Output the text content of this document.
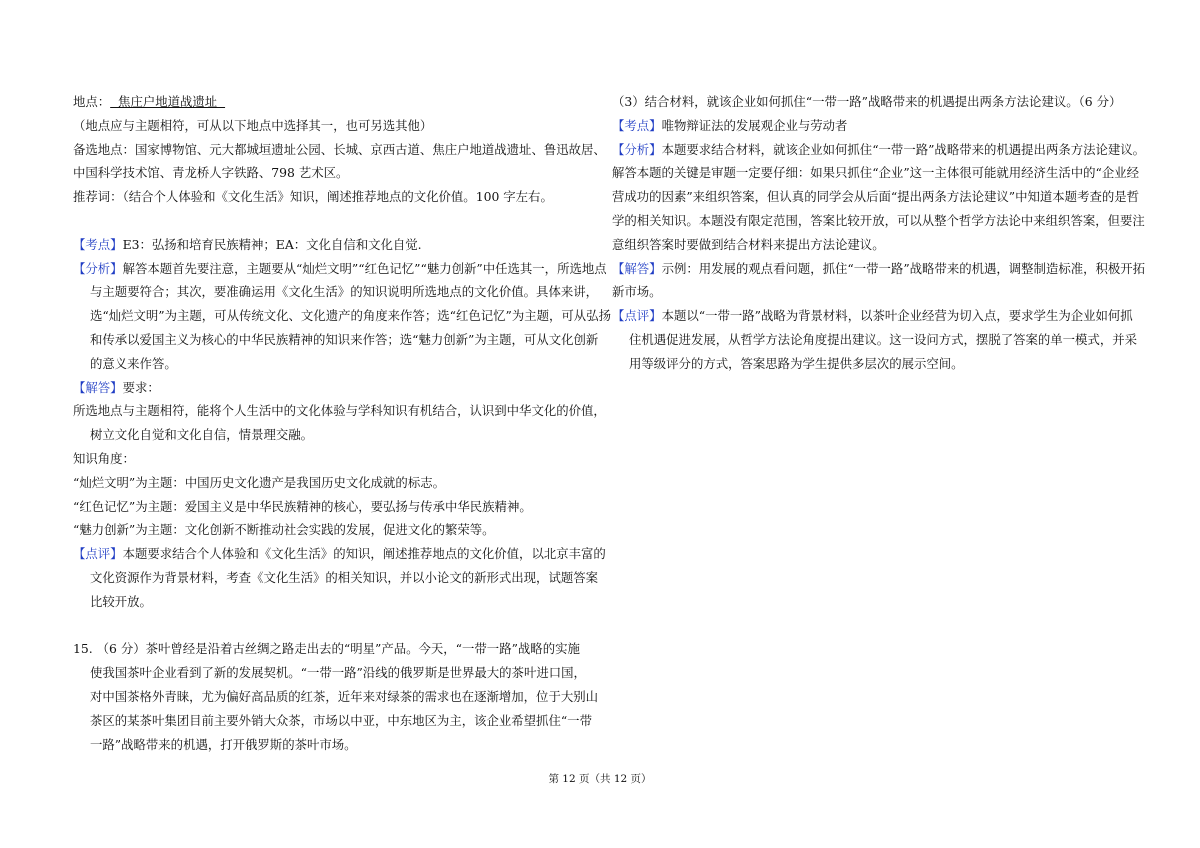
地点：  焦庄户地道战遗址
（地点应与主题相符，可从以下地点中选择其一，也可另选其他）
备选地点：国家博物馆、元大都城垣遗址公园、长城、京西古道、焦庄户地道战遗址、鲁迅故居、
中国科学技术馆、青龙桥人字铁路、798 艺术区。
推荐词：（结合个人体验和《文化生活》知识，阐述推荐地点的文化价值。100 字左右。
【考点】E3：弘扬和培育民族精神；EA：文化自信和文化自觉.
【分析】解答本题首先要注意，主题要从“灿烂文明”“红色记忆”“魅力创新”中任选其一，所选地点
与主题要符合；其次，要准确运用《文化生活》的知识说明所选地点的文化价值。具体来讲，
选“灿烂文明”为主题，可从传统文化、文化遗产的角度来作答；选“红色记忆”为主题，可从弘扬
和传承以爱国主义为核心的中华民族精神的知识来作答；选“魅力创新”为主题，可从文化创新
的意义来作答。
【解答】要求：
所选地点与主题相符，能将个人生活中的文化体验与学科知识有机结合，认识到中华文化的价值，
树立文化自觉和文化自信，情景理交融。
知识角度：
“灿烂文明”为主题：中国历史文化遗产是我国历史文化成就的标志。
“红色记忆”为主题：爱国主义是中华民族精神的核心，要弘扬与传承中华民族精神。
“魅力创新”为主题：文化创新不断推动社会实践的发展，促进文化的繁荣等。
【点评】本题要求结合个人体验和《文化生活》的知识，阐述推荐地点的文化价值，以北京丰富的
文化资源作为背景材料，考查《文化生活》的相关知识，并以小论文的新形式出现，试题答案
比较开放。
15. （6 分）茶叶曾经是沿着古丝绸之路走出去的“明星”产品。今天，“一带一路”战略的实施
使我国茶叶企业看到了新的发展契机。“一带一路”沿线的俄罗斯是世界最大的茶叶进口国，
对中国茶格外青睐，尤为偏好高品质的红茶，近年来对绿茶的需求也在逐渐增加，位于大别山
茶区的某茶叶集团目前主要外销大众茶，市场以中亚，中东地区为主，该企业希望抓住“一带
一路”战略带来的机遇，打开俄罗斯的茶叶市场。
（3）结合材料，就该企业如何抓住“一带一路”战略带来的机遇提出两条方法论建议。（6 分）
【考点】唯物辩证法的发展观企业与劳动者
【分析】本题要求结合材料，就该企业如何抓住“一带一路”战略带来的机遇提出两条方法论建议。
解答本题的关键是审题一定要仔细：如果只抓住“企业”这一主体很可能就用经济生活中的“企业经
营成功的因素”来组织答案，但认真的同学会从后面“提出两条方法论建议”中知道本题考查的是哲
学的相关知识。本题没有限定范围，答案比较开放，可以从整个哲学方法论中来组织答案，但要注
意组织答案时要做到结合材料来提出方法论建议。
【解答】示例：用发展的观点看问题，抓住“一带一路”战略带来的机遇，调整制造标准，积极开拓
新市场。
【点评】本题以“一带一路”战略为背景材料，以茶叶企业经营为切入点，要求学生为企业如何抓
住机遇促进发展，从哲学方法论角度提出建议。这一设问方式，摆脱了答案的单一模式，并采
用等级评分的方式，答案思路为学生提供多层次的展示空间。
第 12 页（共 12 页）
